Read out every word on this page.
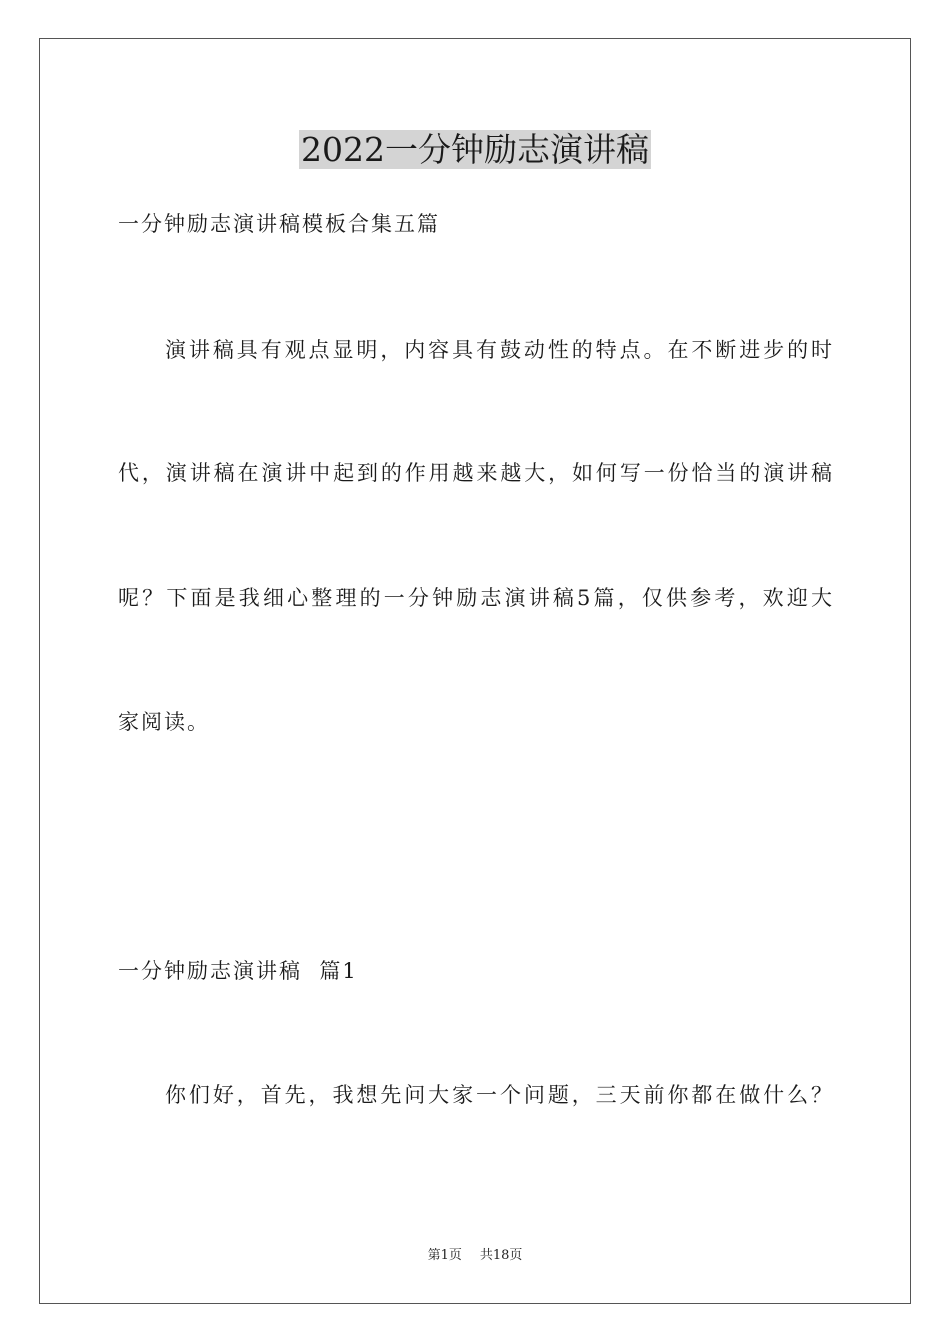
2022一分钟励志演讲稿
一分钟励志演讲稿模板合集五篇
演讲稿具有观点显明，内容具有鼓动性的特点。在不断进步的时
代，演讲稿在演讲中起到的作用越来越大，如何写一份恰当的演讲稿
呢？下面是我细心整理的一分钟励志演讲稿5篇，仅供参考，欢迎大
家阅读。
一分钟励志演讲稿  篇1
你们好，首先，我想先问大家一个问题，三天前你都在做什么？
第1页 共18页
